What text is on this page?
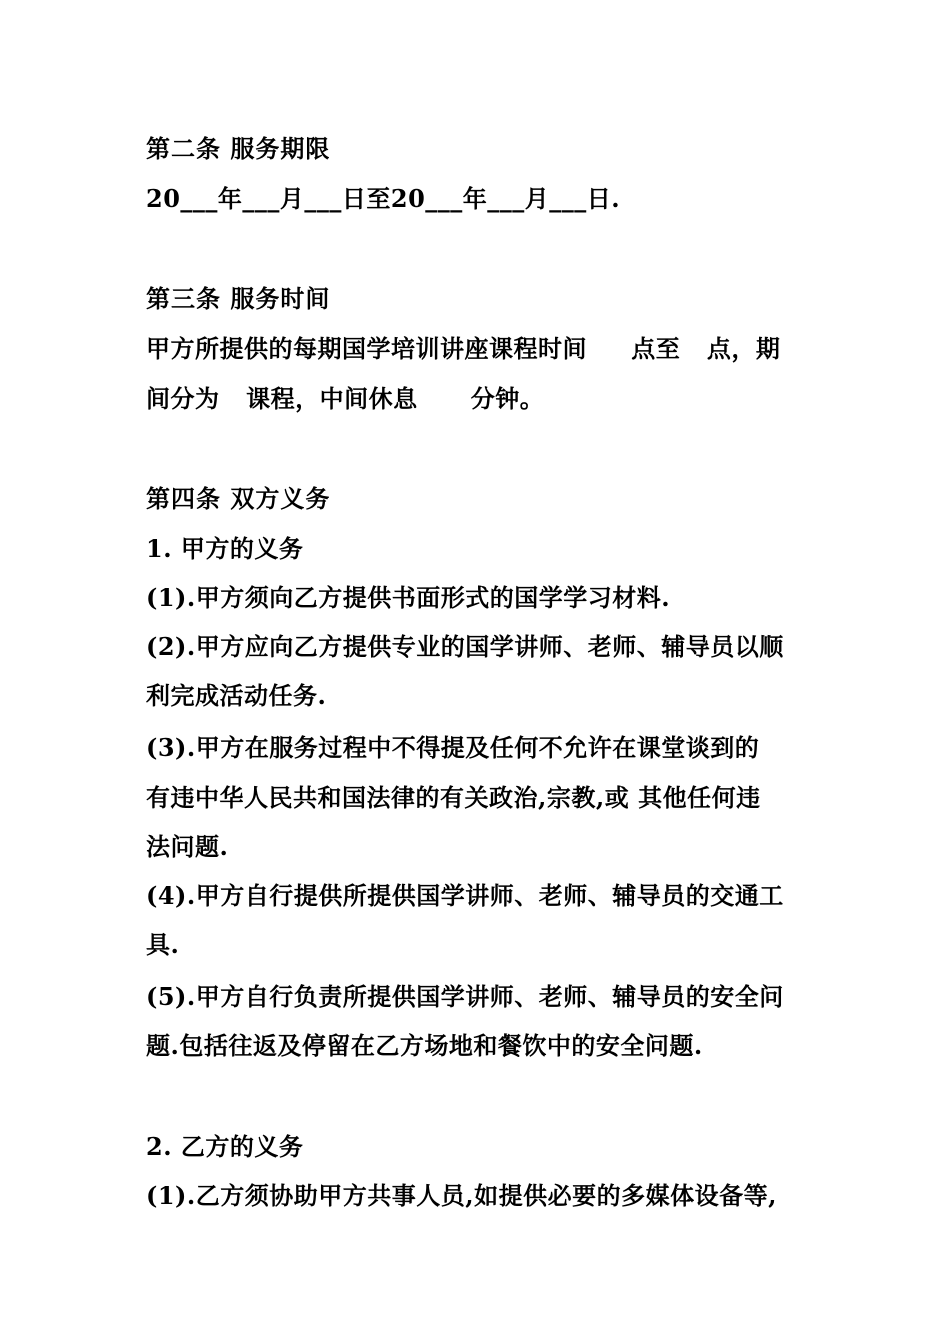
第二条 服务期限
20___年___月___日至20___年___月___日.
第三条 服务时间
甲方所提供的每期国学培训讲座课程时间     点至   点，期
间分为   课程，中间休息      分钟。
第四条 双方义务
1. 甲方的义务
(1).甲方须向乙方提供书面形式的国学学习材料.
(2).甲方应向乙方提供专业的国学讲师、老师、辅导员以顺
利完成活动任务.
(3).甲方在服务过程中不得提及任何不允许在课堂谈到的
有违中华人民共和国法律的有关政治,宗教,或 其他任何违
法问题.
(4).甲方自行提供所提供国学讲师、老师、辅导员的交通工
具.
(5).甲方自行负责所提供国学讲师、老师、辅导员的安全问
题.包括往返及停留在乙方场地和餐饮中的安全问题.
2. 乙方的义务
(1).乙方须协助甲方共事人员,如提供必要的多媒体设备等,
